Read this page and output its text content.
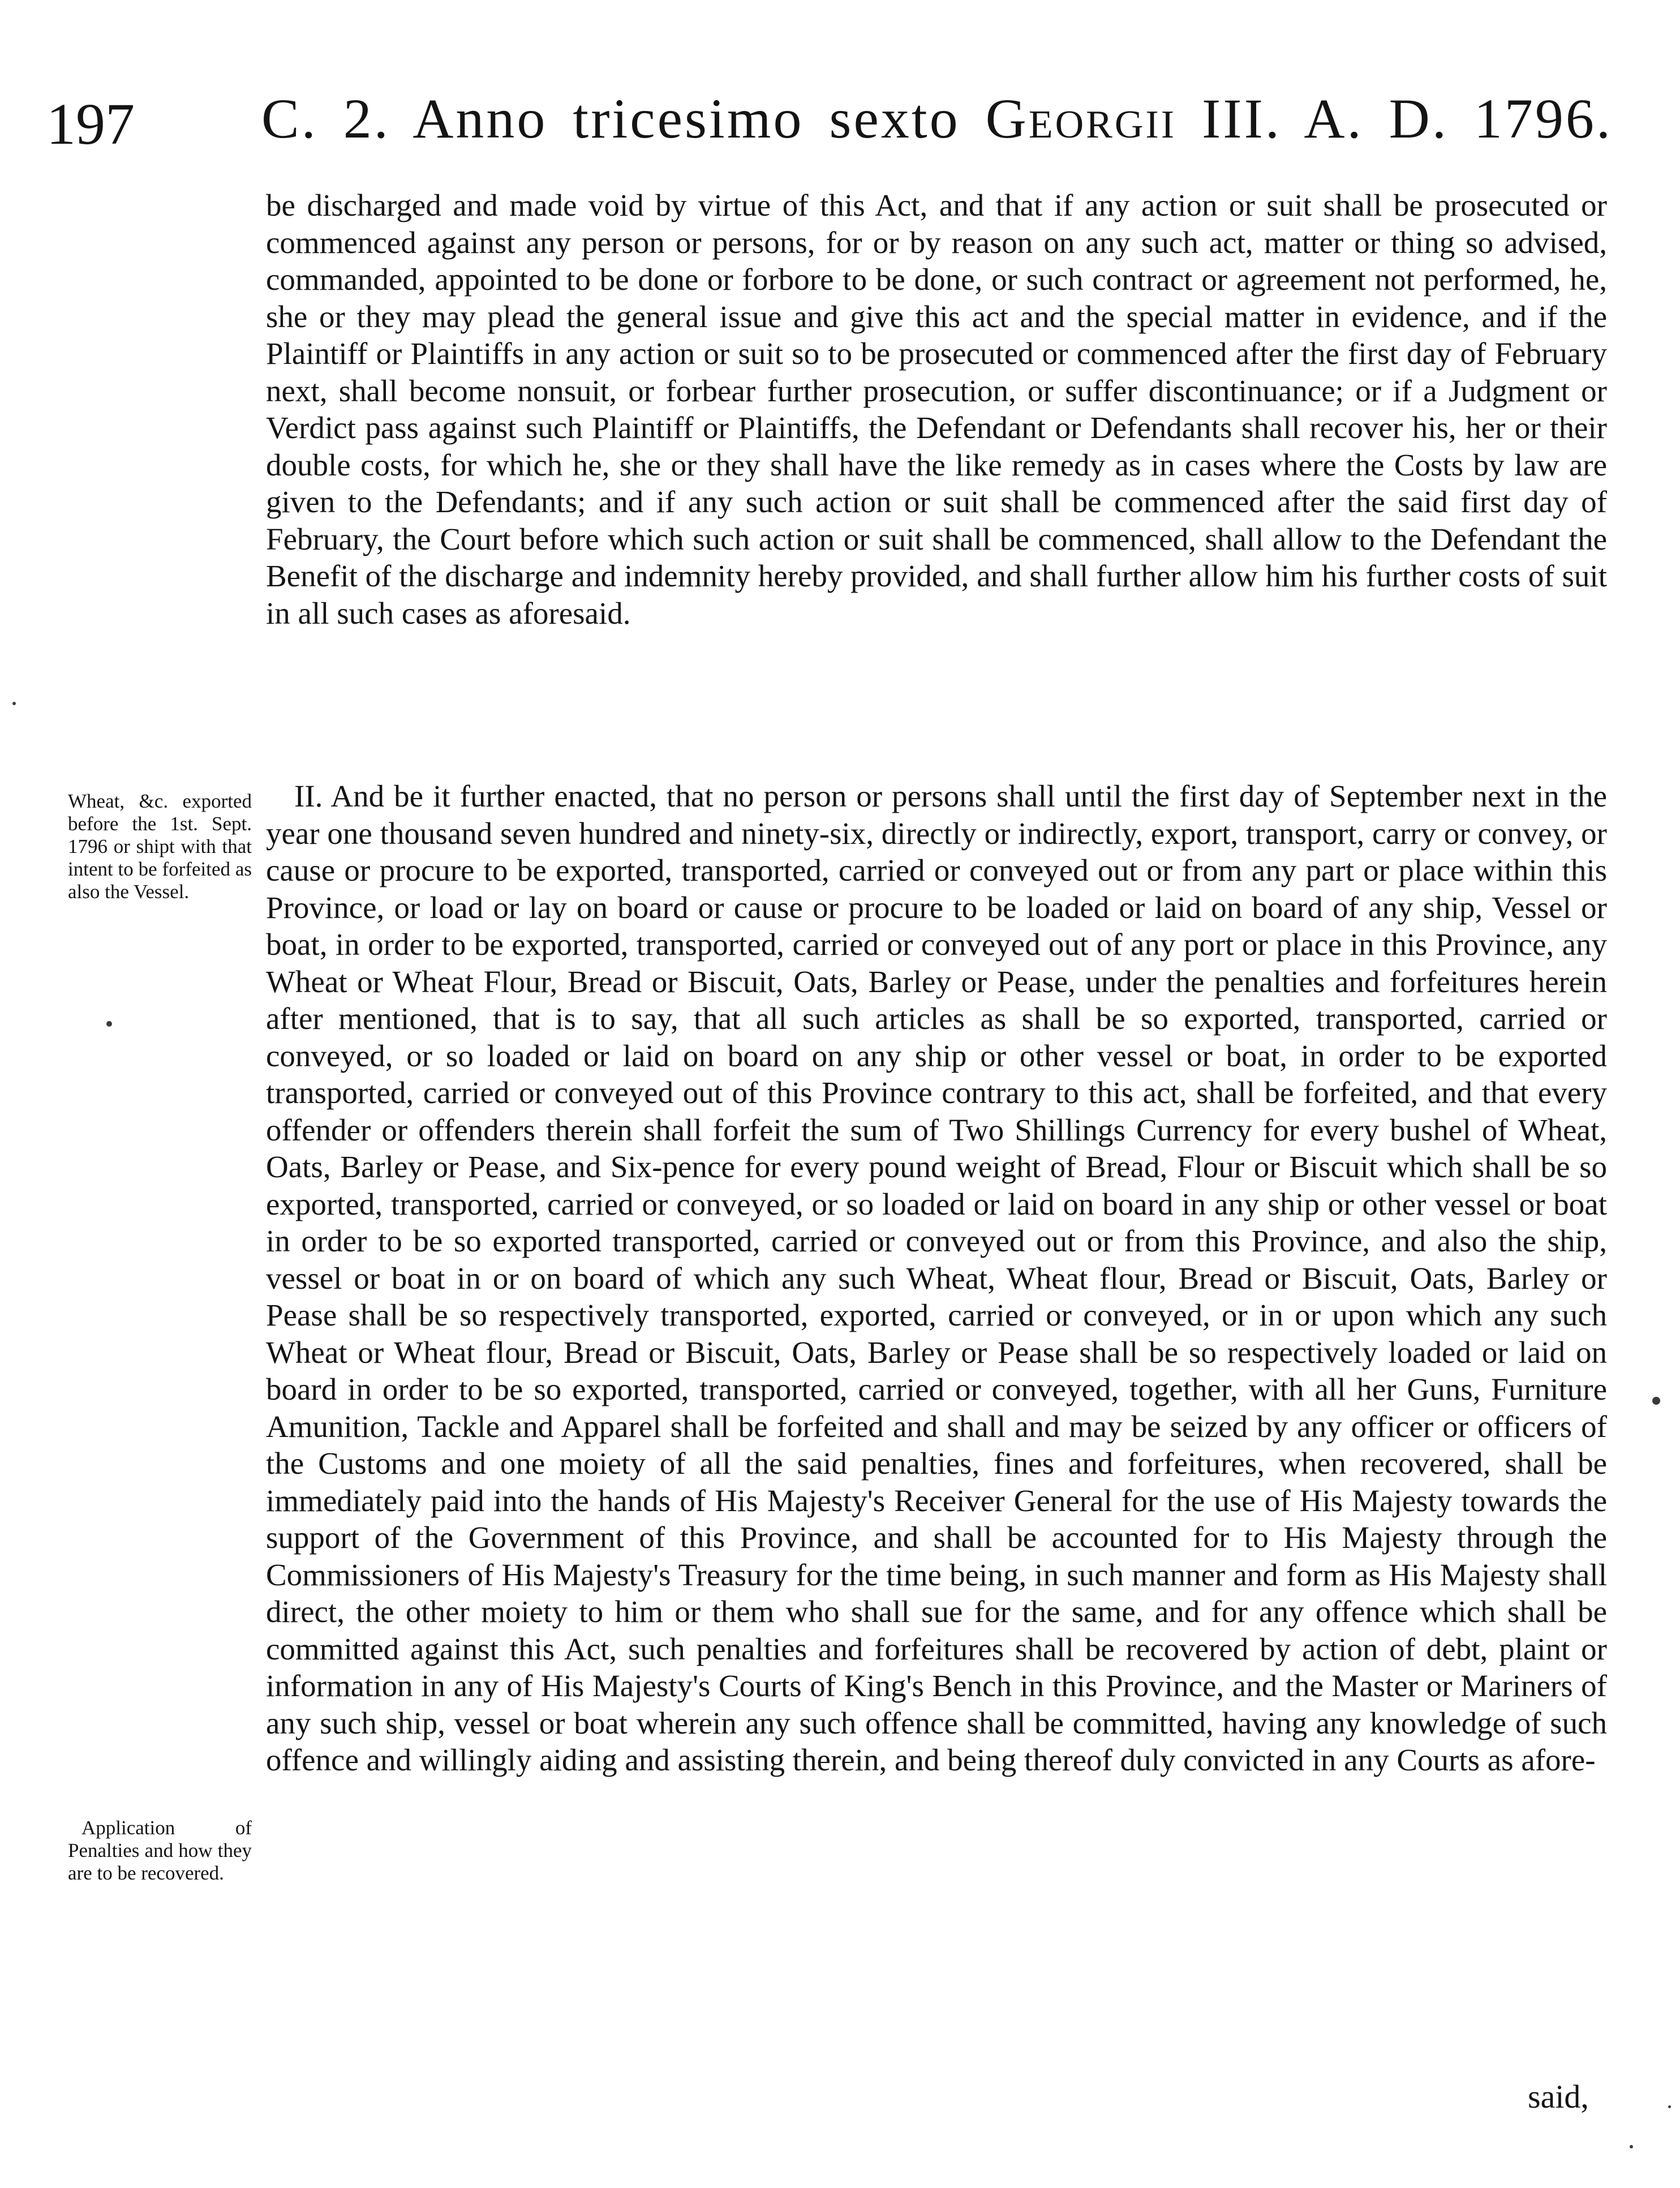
197 C. 2. Anno tricesimo sexto Georgii III. A. D. 1796.
be discharged and made void by virtue of this Act, and that if any action or suit shall be prosecuted or commenced against any person or persons, for or by reason on any such act, matter or thing so advised, commanded, appointed to be done or forbore to be done, or such contract or agreement not performed, he, she or they may plead the general issue and give this act and the special matter in evidence, and if the Plaintiff or Plaintiffs in any action or suit so to be prosecuted or commenced after the first day of February next, shall become nonsuit, or forbear further prosecution, or suffer discontinuance; or if a Judgment or Verdict pass against such Plaintiff or Plaintiffs, the Defendant or Defendants shall recover his, her or their double costs, for which he, she or they shall have the like remedy as in cases where the Costs by law are given to the Defendants; and if any such action or suit shall be commenced after the said first day of February, the Court before which such action or suit shall be commenced, shall allow to the Defendant the Benefit of the discharge and indemnity hereby provided, and shall further allow him his further costs of suit in all such cases as aforesaid.
Wheat, &c. exported before the 1st. Sept. 1796 or shipt with that intent to be forfeited as also the Vessel.
II. And be it further enacted, that no person or persons shall until the first day of September next in the year one thousand seven hundred and ninety-six, directly or indirectly, export, transport, carry or convey, or cause or procure to be exported, transported, carried or conveyed out or from any part or place within this Province, or load or lay on board or cause or procure to be loaded or laid on board of any ship, Vessel or boat, in order to be exported, transported, carried or conveyed out of any port or place in this Province, any Wheat or Wheat Flour, Bread or Biscuit, Oats, Barley or Pease, under the penalties and forfeitures herein after mentioned, that is to say, that all such articles as shall be so exported, transported, carried or conveyed, or so loaded or laid on board on any ship or other vessel or boat, in order to be exported transported, carried or conveyed out of this Province contrary to this act, shall be forfeited, and that every offender or offenders therein shall forfeit the sum of Two Shillings Currency for every bushel of Wheat, Oats, Barley or Pease, and Six-pence for every pound weight of Bread, Flour or Biscuit which shall be so exported, transported, carried or conveyed, or so loaded or laid on board in any ship or other vessel or boat in order to be so exported transported, carried or conveyed out or from this Province, and also the ship, vessel or boat in or on board of which any such Wheat, Wheat flour, Bread or Biscuit, Oats, Barley or Pease shall be so respectively transported, exported, carried or conveyed, or in or upon which any such Wheat or Wheat flour, Bread or Biscuit, Oats, Barley or Pease shall be so respectively loaded or laid on board in order to be so exported, transported, carried or conveyed, together, with all her Guns, Furniture Amunition, Tackle and Apparel shall be forfeited and shall and may be seized by any officer or officers of the Customs and one moiety of all the said penalties, fines and forfeitures, when recovered, shall be immediately paid into the hands of His Majesty's Receiver General for the use of His Majesty towards the support of the Government of this Province, and shall be accounted for to His Majesty through the Commissioners of His Majesty's Treasury for the time being, in such manner and form as His Majesty shall direct, the other moiety to him or them who shall sue for the same, and for any offence which shall be committed against this Act, such penalties and forfeitures shall be recovered by action of debt, plaint or information in any of His Majesty's Courts of King's Bench in this Province, and the Master or Mariners of any such ship, vessel or boat wherein any such offence shall be committed, having any knowledge of such offence and willingly aiding and assisting therein, and being thereof duly convicted in any Courts as afore-
Application of Penalties and how they are to be recovered.
said,
